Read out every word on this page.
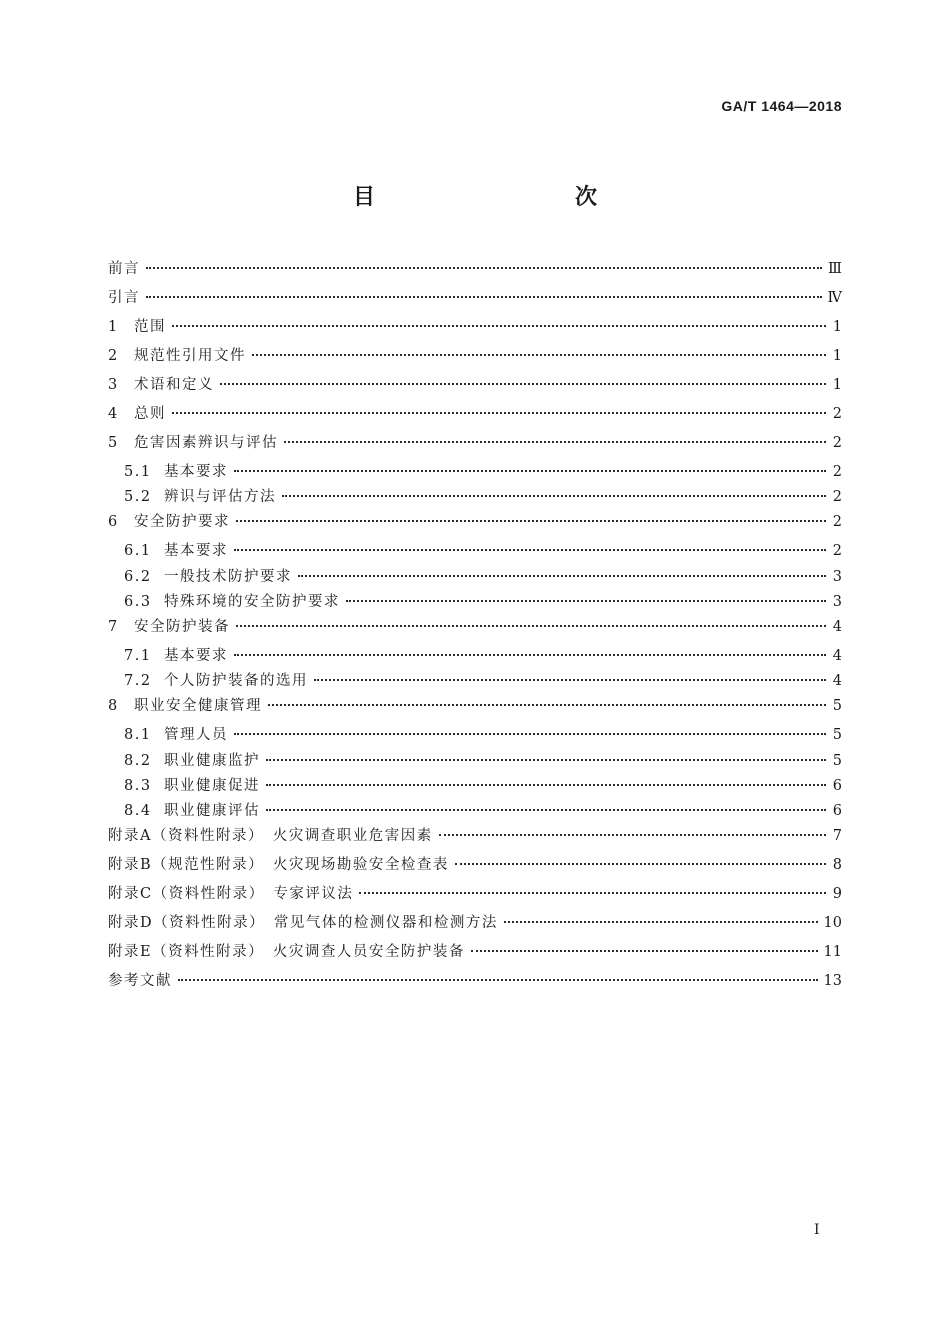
GA/T 1464—2018
目　　次
前言	Ⅲ
引言	Ⅳ
1	范围	1
2	规范性引用文件	1
3	术语和定义	1
4	总则	2
5	危害因素辨识与评估	2
5.1 基本要求	2
5.2 辨识与评估方法	2
6	安全防护要求	2
6.1 基本要求	2
6.2 一般技术防护要求	3
6.3 特殊环境的安全防护要求	3
7	安全防护装备	4
7.1 基本要求	4
7.2 个人防护装备的选用	4
8	职业安全健康管理	5
8.1 管理人员	5
8.2 职业健康监护	5
8.3 职业健康促进	6
8.4 职业健康评估	6
附录A（资料性附录）　火灾调查职业危害因素	7
附录B（规范性附录）　火灾现场勘验安全检查表	8
附录C（资料性附录）　专家评议法	9
附录D（资料性附录）　常见气体的检测仪器和检测方法	10
附录E（资料性附录）　火灾调查人员安全防护装备	11
参考文献	13
I
